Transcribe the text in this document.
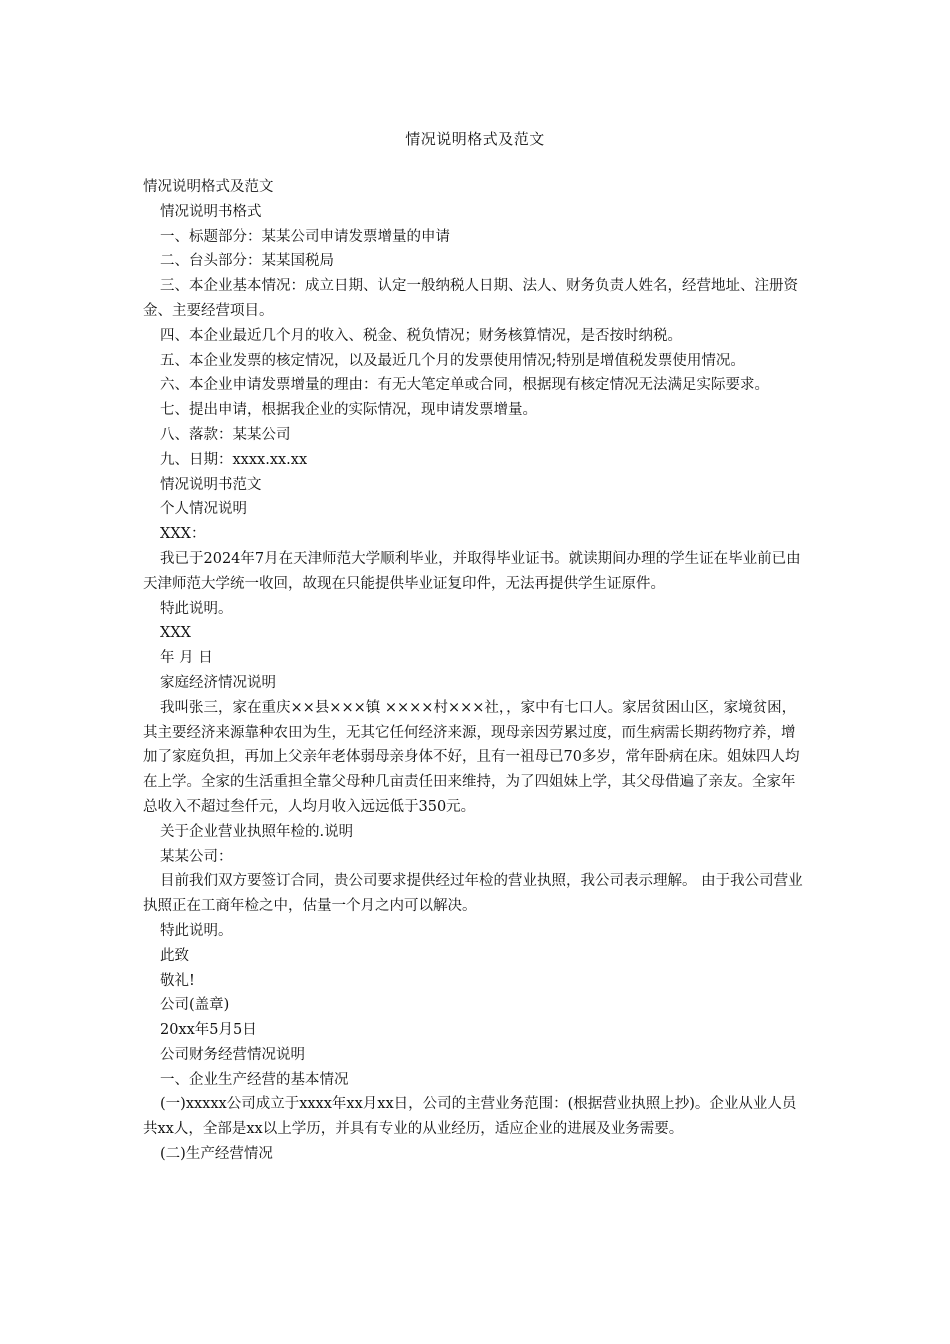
情况说明格式及范文
情况说明格式及范文
情况说明书格式
一、标题部分：某某公司申请发票增量的申请
二、台头部分：某某国税局
三、本企业基本情况：成立日期、认定一般纳税人日期、法人、财务负责人姓名，经营地址、注册资金、主要经营项目。
四、本企业最近几个月的收入、税金、税负情况；财务核算情况，是否按时纳税。
五、本企业发票的核定情况，以及最近几个月的发票使用情况;特别是增值税发票使用情况。
六、本企业申请发票增量的理由：有无大笔定单或合同，根据现有核定情况无法满足实际要求。
七、提出申请，根据我企业的实际情况，现申请发票增量。
八、落款：某某公司
九、日期：xxxx.xx.xx
情况说明书范文
个人情况说明
XXX：
我已于2024年7月在天津师范大学顺利毕业，并取得毕业证书。就读期间办理的学生证在毕业前已由天津师范大学统一收回，故现在只能提供毕业证复印件，无法再提供学生证原件。
特此说明。
XXX
年 月 日
家庭经济情况说明
我叫张三，家在重庆××县×××镇 ××××村×××社，，家中有七口人。家居贫困山区，家境贫困，其主要经济来源靠种农田为生，无其它任何经济来源，现母亲因劳累过度，而生病需长期药物疗养，增加了家庭负担，再加上父亲年老体弱母亲身体不好，且有一祖母已70多岁，常年卧病在床。姐妹四人均在上学。全家的生活重担全靠父母种几亩责任田来维持，为了四姐妹上学，其父母借遍了亲友。全家年总收入不超过叁仟元，人均月收入远远低于350元。
关于企业营业执照年检的.说明
某某公司：
目前我们双方要签订合同，贵公司要求提供经过年检的营业执照，我公司表示理解。 由于我公司营业执照正在工商年检之中，估量一个月之内可以解决。
特此说明。
此致
敬礼!
公司(盖章)
20xx年5月5日
公司财务经营情况说明
一、企业生产经营的基本情况
(一)xxxxx公司成立于xxxx年xx月xx日，公司的主营业务范围：(根据营业执照上抄)。企业从业人员共xx人，全部是xx以上学历，并具有专业的从业经历，适应企业的进展及业务需要。
(二)生产经营情况
